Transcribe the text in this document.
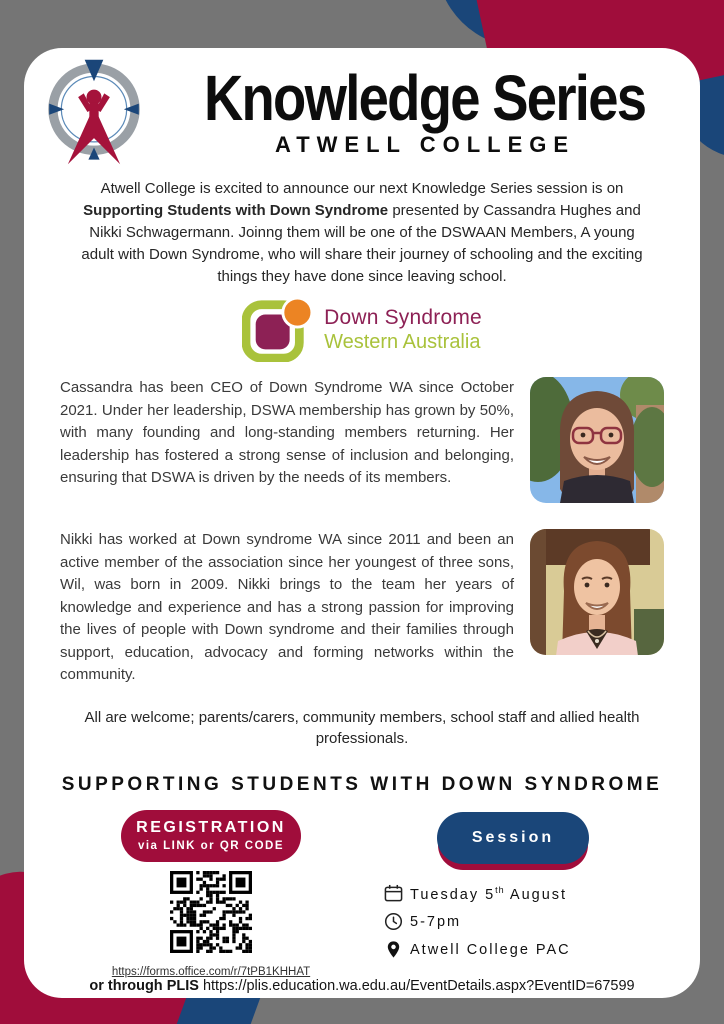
Knowledge Series
ATWELL COLLEGE

Atwell College is excited to announce our next Knowledge Series session is on Supporting Students with Down Syndrome presented by Cassandra Hughes and Nikki Schwagermann. Joinng them will be one of the DSWAAN Members, A young adult with Down Syndrome, who will share their journey of schooling and the exciting things they have done since leaving school.

Down Syndrome
Western Australia

Cassandra has been CEO of Down Syndrome WA since October 2021. Under her leadership, DSWA membership has grown by 50%, with many founding and long-standing members returning. Her leadership has fostered a strong sense of inclusion and belonging, ensuring that DSWA is driven by the needs of its members.

Nikki has worked at Down syndrome WA since 2011 and been an active member of the association since her youngest of three sons, Wil, was born in 2009. Nikki brings to the team her years of knowledge and experience and has a strong passion for improving the lives of people with Down syndrome and their families through support, education, advocacy and forming networks within the community.

All are welcome; parents/carers, community members, school staff and allied health professionals.

SUPPORTING STUDENTS WITH DOWN SYNDROME
REGISTRATION
via LINK or QR CODE
https://forms.office.com/r/7tPB1KHHAT
Session
Tuesday 5th August
5-7pm
Atwell College PAC

or through PLIS https://plis.education.wa.edu.au/EventDetails.aspx?EventID=67599
